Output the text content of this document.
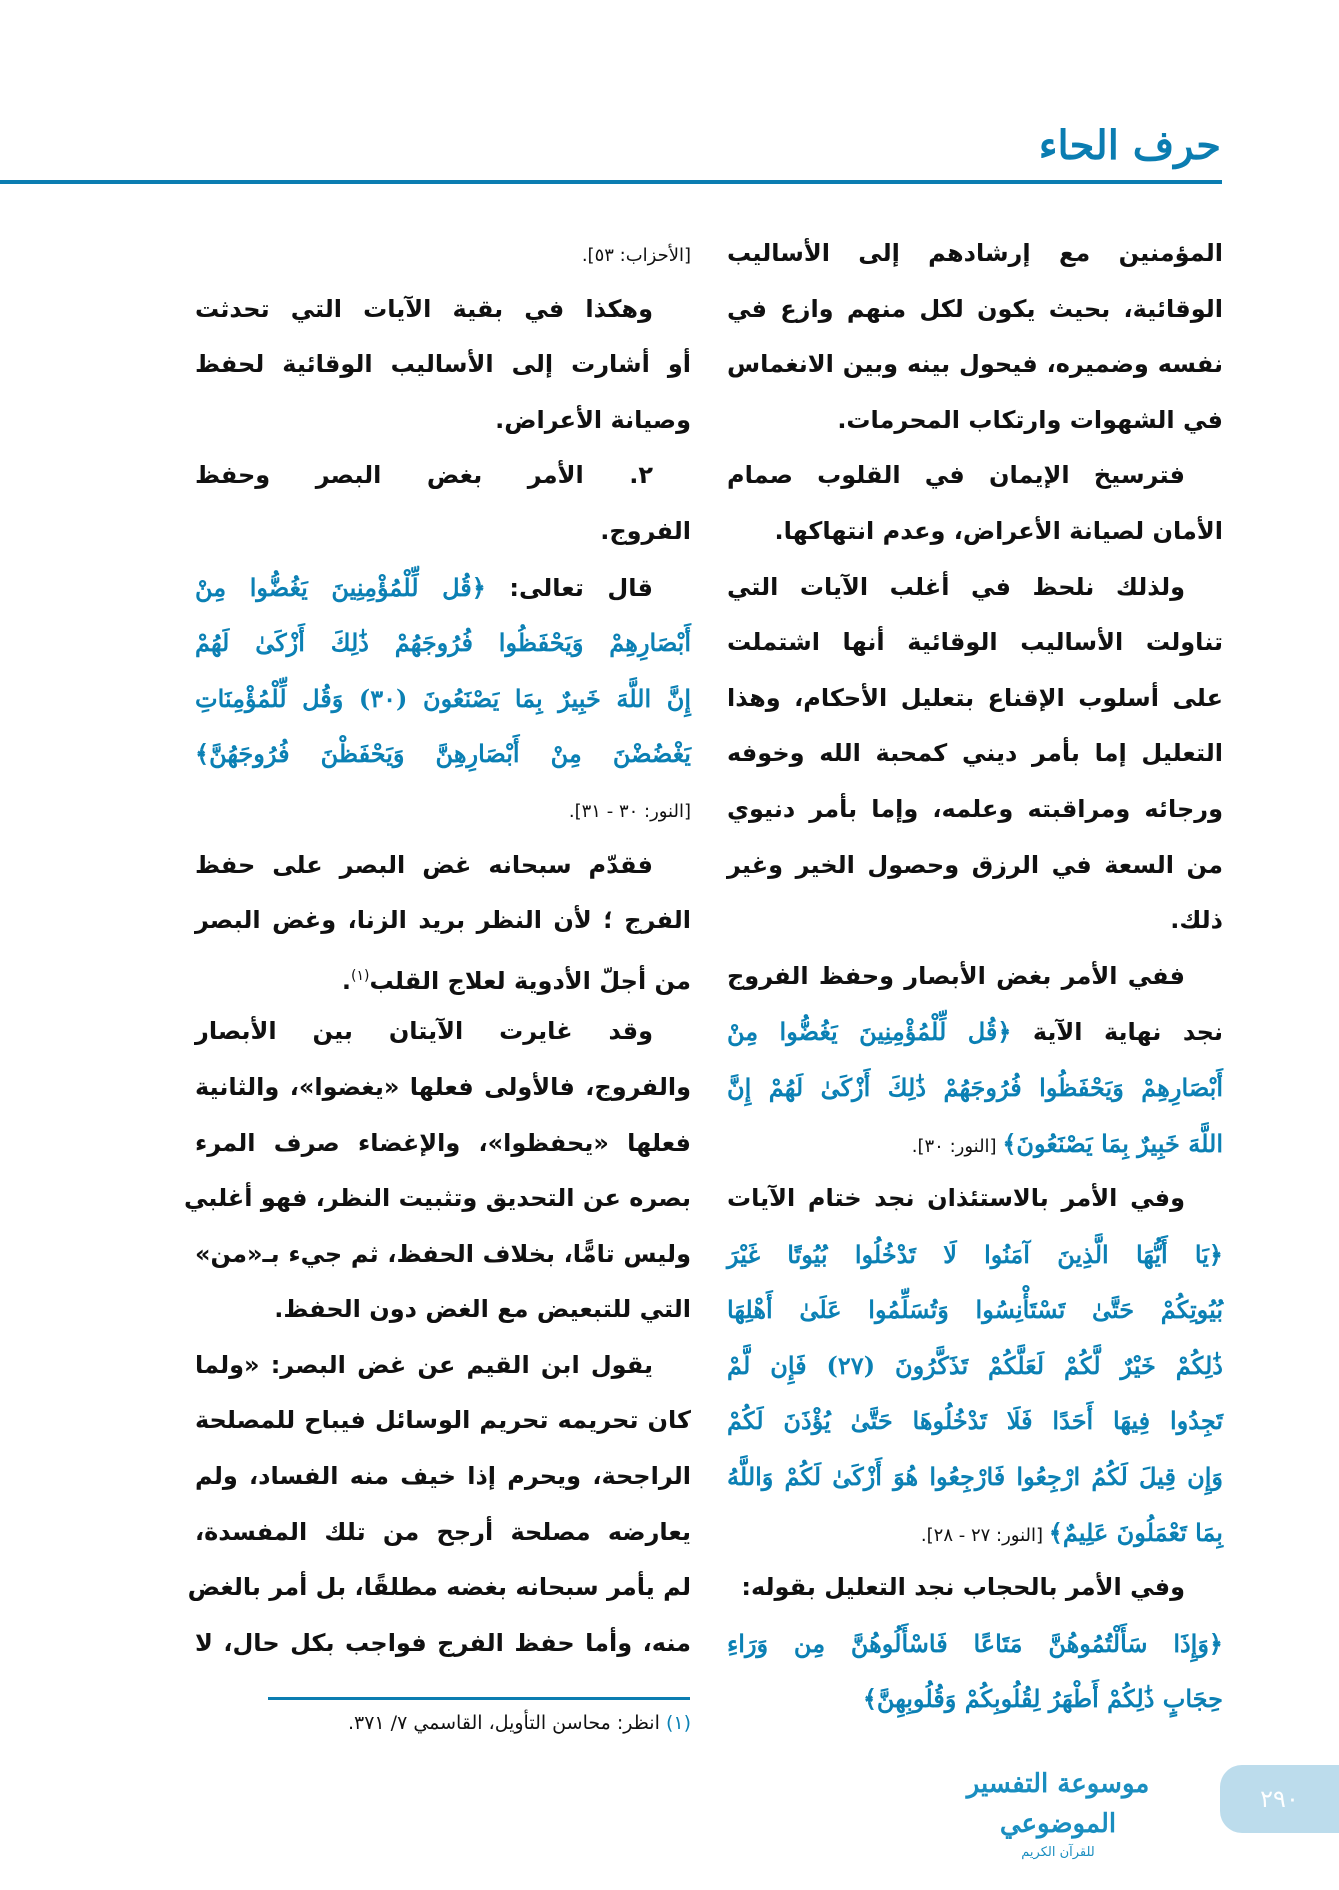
حرف الحاء
المؤمنين مع إرشادهم إلى الأساليب
الوقائية، بحيث يكون لكل منهم وازع في
نفسه وضميره، فيحول بينه وبين الانغماس
في الشهوات وارتكاب المحرمات.
فترسيخ الإيمان في القلوب صمام
الأمان لصيانة الأعراض، وعدم انتهاكها.
ولذلك نلحظ في أغلب الآيات التي
تناولت الأساليب الوقائية أنها اشتملت
على أسلوب الإقناع بتعليل الأحكام، وهذا
التعليل إما بأمر ديني كمحبة الله وخوفه
ورجائه ومراقبته وعلمه، وإما بأمر دنيوي
من السعة في الرزق وحصول الخير وغير
ذلك.
ففي الأمر بغض الأبصار وحفظ الفروج
نجد نهاية الآية ﴿قُل لِّلْمُؤْمِنِينَ يَغُضُّوا مِنْ
أَبْصَارِهِمْ وَيَحْفَظُوا فُرُوجَهُمْ ذَٰلِكَ أَزْكَىٰ لَهُمْ إِنَّ
اللَّهَ خَبِيرٌ بِمَا يَصْنَعُونَ﴾ [النور: ٣٠].
وفي الأمر بالاستئذان نجد ختام الآيات
﴿يَا أَيُّهَا الَّذِينَ آمَنُوا لَا تَدْخُلُوا بُيُوتًا غَيْرَ
بُيُوتِكُمْ حَتَّىٰ تَسْتَأْنِسُوا وَتُسَلِّمُوا عَلَىٰ أَهْلِهَا
ذَٰلِكُمْ خَيْرٌ لَّكُمْ لَعَلَّكُمْ تَذَكَّرُونَ (٢٧) فَإِن لَّمْ
تَجِدُوا فِيهَا أَحَدًا فَلَا تَدْخُلُوهَا حَتَّىٰ يُؤْذَنَ لَكُمْ
وَإِن قِيلَ لَكُمُ ارْجِعُوا فَارْجِعُوا هُوَ أَزْكَىٰ لَكُمْ وَاللَّهُ
بِمَا تَعْمَلُونَ عَلِيمٌ﴾ [النور: ٢٧ - ٢٨].
وفي الأمر بالحجاب نجد التعليل بقوله:
﴿وَإِذَا سَأَلْتُمُوهُنَّ مَتَاعًا فَاسْأَلُوهُنَّ مِن وَرَاءِ
حِجَابٍ ذَٰلِكُمْ أَطْهَرُ لِقُلُوبِكُمْ وَقُلُوبِهِنَّ﴾
[الأحزاب: ٥٣].
وهكذا في بقية الآيات التي تحدثت
أو أشارت إلى الأساليب الوقائية لحفظ
وصيانة الأعراض.
٢. الأمر بغض البصر وحفظ
الفروج.
قال تعالى: ﴿قُل لِّلْمُؤْمِنِينَ يَغُضُّوا مِنْ
أَبْصَارِهِمْ وَيَحْفَظُوا فُرُوجَهُمْ ذَٰلِكَ أَزْكَىٰ لَهُمْ
إِنَّ اللَّهَ خَبِيرٌ بِمَا يَصْنَعُونَ (٣٠) وَقُل لِّلْمُؤْمِنَاتِ
يَغْضُضْنَ مِنْ أَبْصَارِهِنَّ وَيَحْفَظْنَ فُرُوجَهُنَّ﴾
[النور: ٣٠ - ٣١].
فقدّم سبحانه غض البصر على حفظ
الفرج ؛ لأن النظر بريد الزنا، وغض البصر
من أجلّ الأدوية لعلاج القلب$^{(١)}$.
وقد غايرت الآيتان بين الأبصار
والفروج، فالأولى فعلها «يغضوا»، والثانية
فعلها «يحفظوا»، والإغضاء صرف المرء
بصره عن التحديق وتثبيت النظر، فهو أغلبي
وليس تامًّا، بخلاف الحفظ، ثم جيء بـ«من»
التي للتبعيض مع الغض دون الحفظ.
يقول ابن القيم عن غض البصر: «ولما
كان تحريمه تحريم الوسائل فيباح للمصلحة
الراجحة، ويحرم إذا خيف منه الفساد، ولم
يعارضه مصلحة أرجح من تلك المفسدة،
لم يأمر سبحانه بغضه مطلقًا، بل أمر بالغض
منه، وأما حفظ الفرج فواجب بكل حال، لا
(١) انظر: محاسن التأويل، القاسمي ٧/ ٣٧١.
موسوعة التفسير الموضوعي
للقرآن الكريم
٢٩٠
